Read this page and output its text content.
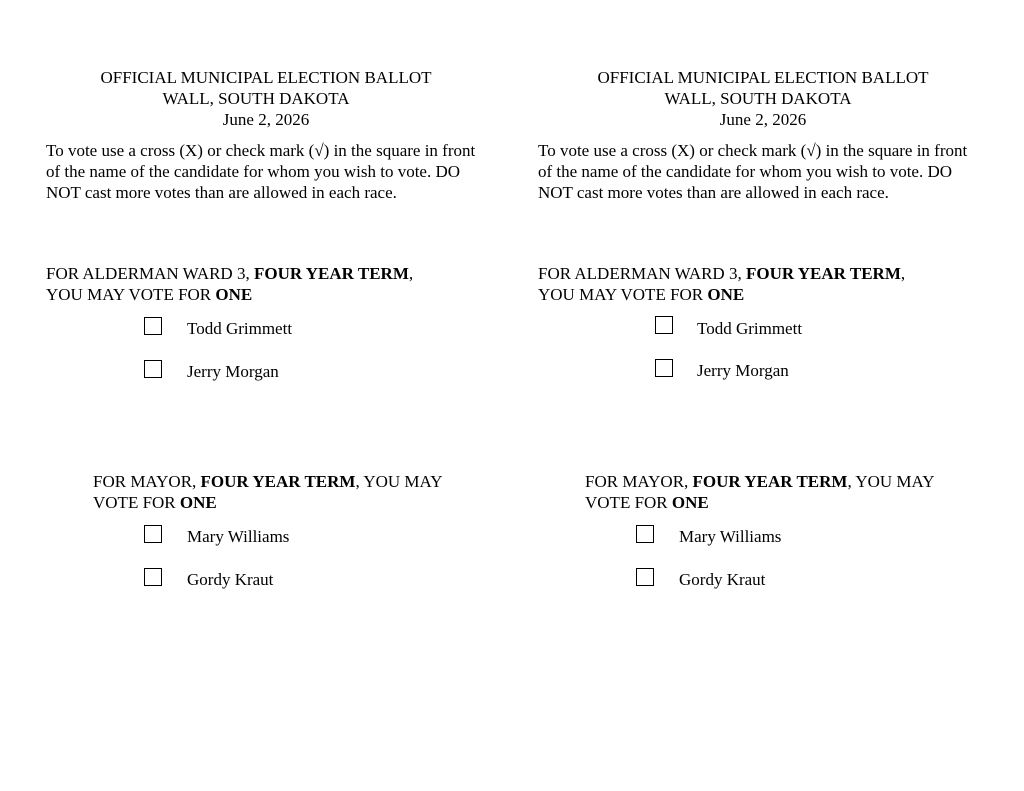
OFFICIAL MUNICIPAL ELECTION BALLOT
WALL, SOUTH DAKOTA
June 2, 2026
To vote use a cross (X) or check mark (√) in the square in front of the name of the candidate for whom you wish to vote. DO NOT cast more votes than are allowed in each race.
FOR ALDERMAN WARD 3, FOUR YEAR TERM,
YOU MAY VOTE FOR ONE
Todd Grimmett
Jerry Morgan
FOR MAYOR, FOUR YEAR TERM, YOU MAY
VOTE FOR ONE
Mary Williams
Gordy Kraut
OFFICIAL MUNICIPAL ELECTION BALLOT
WALL, SOUTH DAKOTA
June 2, 2026
To vote use a cross (X) or check mark (√) in the square in front of the name of the candidate for whom you wish to vote. DO NOT cast more votes than are allowed in each race.
FOR ALDERMAN WARD 3, FOUR YEAR TERM,
YOU MAY VOTE FOR ONE
Todd Grimmett
Jerry Morgan
FOR MAYOR, FOUR YEAR TERM, YOU MAY
VOTE FOR ONE
Mary Williams
Gordy Kraut
